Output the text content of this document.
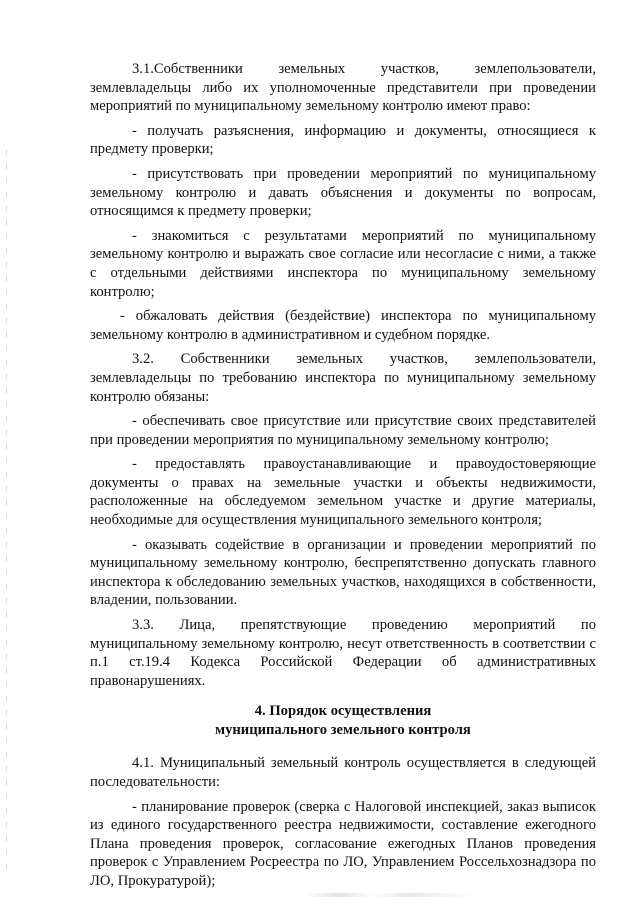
3.1.Собственники земельных участков, землепользователи, землевладельцы либо их уполномоченные представители при проведении мероприятий по муниципальному земельному контролю имеют право:

- получать разъяснения, информацию и документы, относящиеся к предмету проверки;

- присутствовать при проведении мероприятий по муниципальному земельному контролю и давать объяснения и документы по вопросам, относящимся к предмету проверки;

- знакомиться с результатами мероприятий по муниципальному земельному контролю и выражать свое согласие или несогласие с ними, а также с отдельными действиями инспектора по муниципальному земельному контролю;

- обжаловать действия (бездействие) инспектора по муниципальному земельному контролю в административном и судебном порядке.

3.2. Собственники земельных участков, землепользователи, землевладельцы по требованию инспектора по муниципальному земельному контролю обязаны:

- обеспечивать свое присутствие или присутствие своих представителей при проведении мероприятия по муниципальному земельному контролю;

- предоставлять правоустанавливающие и правоудостоверяющие документы о правах на земельные участки и объекты недвижимости, расположенные на обследуемом земельном участке и другие материалы, необходимые для осуществления муниципального земельного контроля;

- оказывать содействие в организации и проведении мероприятий по муниципальному земельному контролю, беспрепятственно допускать главного инспектора к обследованию земельных участков, находящихся в собственности, владении, пользовании.

3.3. Лица, препятствующие проведению мероприятий по муниципальному земельному контролю, несут ответственность в соответствии с п.1 ст.19.4 Кодекса Российской Федерации об административных правонарушениях.

4. Порядок осуществления
муниципального земельного контроля

4.1. Муниципальный земельный контроль осуществляется в следующей последовательности:

- планирование проверок (сверка с Налоговой инспекцией, заказ выписок из единого государственного реестра недвижимости, составление ежегодного Плана проведения проверок, согласование ежегодных Планов проведения проверок с Управлением Росреестра по ЛО, Управлением Россельхознадзора по ЛО, Прокуратурой);
